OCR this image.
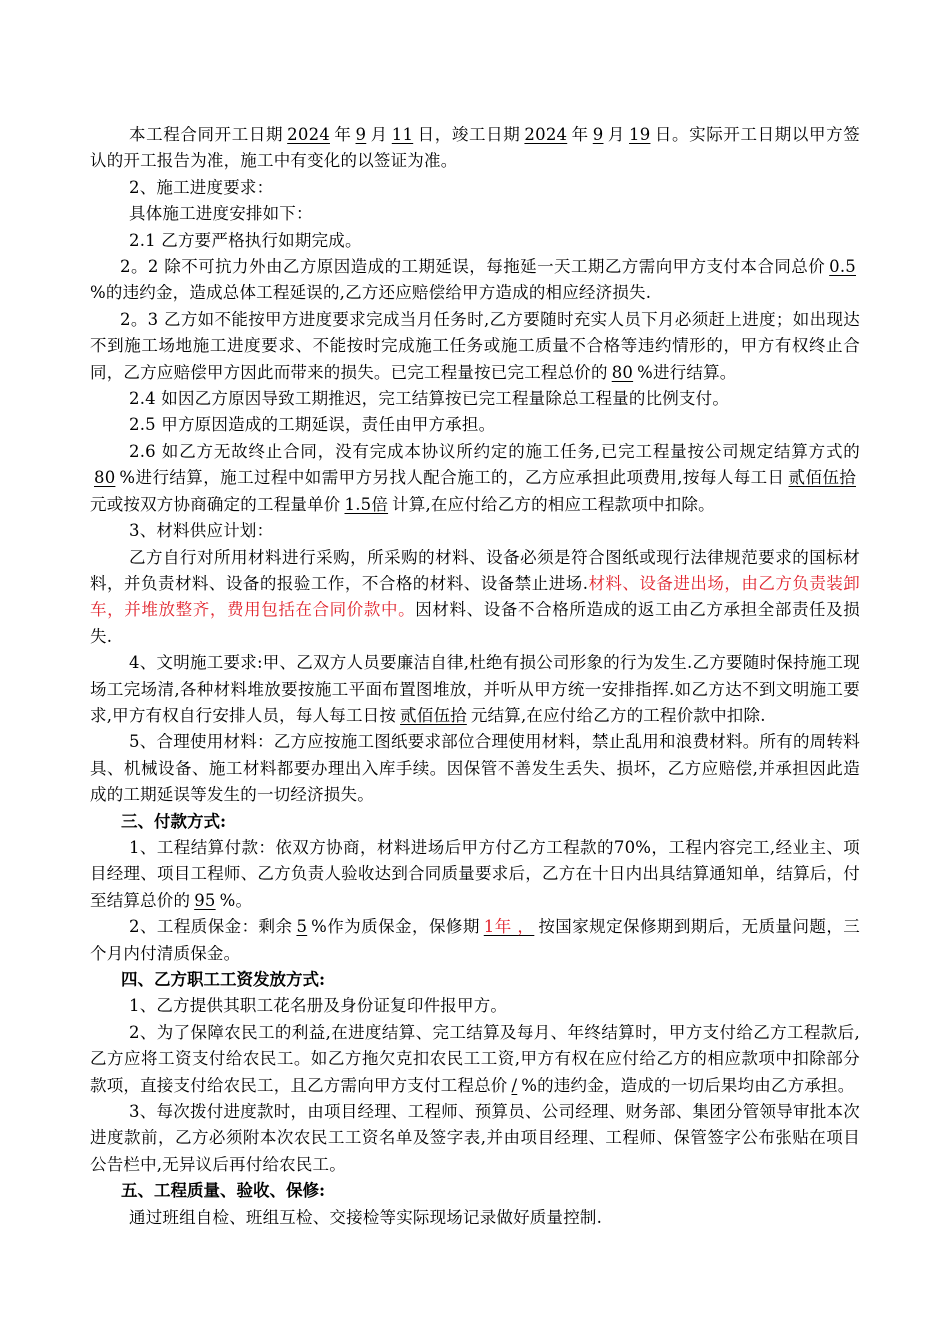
本工程合同开工日期 2024 年 9 月 11 日，竣工日期 2024 年 9 月 19 日。实际开工日期以甲方签认的开工报告为准，施工中有变化的以签证为准。

2、施工进度要求：

具体施工进度安排如下：

2.1 乙方要严格执行如期完成。

2。2 除不可抗力外由乙方原因造成的工期延误，每拖延一天工期乙方需向甲方支付本合同总价 0.5 %的违约金，造成总体工程延误的,乙方还应赔偿给甲方造成的相应经济损失.

2。3 乙方如不能按甲方进度要求完成当月任务时,乙方要随时充实人员下月必须赶上进度；如出现达不到施工场地施工进度要求、不能按时完成施工任务或施工质量不合格等违约情形的，甲方有权终止合同，乙方应赔偿甲方因此而带来的损失。已完工程量按已完工程总价的 80 %进行结算。

2.4 如因乙方原因导致工期推迟，完工结算按已完工程量除总工程量的比例支付。

2.5 甲方原因造成的工期延误，责任由甲方承担。

2.6 如乙方无故终止合同，没有完成本协议所约定的施工任务,已完工程量按公司规定结算方式的80 %进行结算，施工过程中如需甲方另找人配合施工的，乙方应承担此项费用,按每人每工日 贰佰伍拾元或按双方协商确定的工程量单价 1.5倍 计算,在应付给乙方的相应工程款项中扣除。

3、材料供应计划：

乙方自行对所用材料进行采购，所采购的材料、设备必须是符合图纸或现行法律规范要求的国标材料，并负责材料、设备的报验工作，不合格的材料、设备禁止进场.材料、设备进出场，由乙方负责装卸车，并堆放整齐，费用包括在合同价款中。因材料、设备不合格所造成的返工由乙方承担全部责任及损失.

4、文明施工要求:甲、乙双方人员要廉洁自律,杜绝有损公司形象的行为发生.乙方要随时保持施工现场工完场清,各种材料堆放要按施工平面布置图堆放，并听从甲方统一安排指挥.如乙方达不到文明施工要求,甲方有权自行安排人员，每人每工日按 贰佰伍拾 元结算,在应付给乙方的工程价款中扣除.

5、合理使用材料：乙方应按施工图纸要求部位合理使用材料，禁止乱用和浪费材料。所有的周转料具、机械设备、施工材料都要办理出入库手续。因保管不善发生丢失、损坏，乙方应赔偿,并承担因此造成的工期延误等发生的一切经济损失。

三、付款方式:

1、工程结算付款：依双方协商，材料进场后甲方付乙方工程款的70%，工程内容完工,经业主、项目经理、项目工程师、乙方负责人验收达到合同质量要求后，乙方在十日内出具结算通知单，结算后，付至结算总价的 95 %。

2、工程质保金：剩余 5 %作为质保金，保修期 1年 ， 按国家规定保修期到期后，无质量问题，三个月内付清质保金。

四、乙方职工工资发放方式:

1、乙方提供其职工花名册及身份证复印件报甲方。

2、为了保障农民工的利益,在进度结算、完工结算及每月、年终结算时，甲方支付给乙方工程款后,乙方应将工资支付给农民工。如乙方拖欠克扣农民工工资,甲方有权在应付给乙方的相应款项中扣除部分款项，直接支付给农民工，且乙方需向甲方支付工程总价 / %的违约金，造成的一切后果均由乙方承担。

3、每次拨付进度款时，由项目经理、工程师、预算员、公司经理、财务部、集团分管领导审批本次进度款前，乙方必须附本次农民工工资名单及签字表,并由项目经理、工程师、保管签字公布张贴在项目公告栏中,无异议后再付给农民工。

五、工程质量、验收、保修:

通过班组自检、班组互检、交接检等实际现场记录做好质量控制.
